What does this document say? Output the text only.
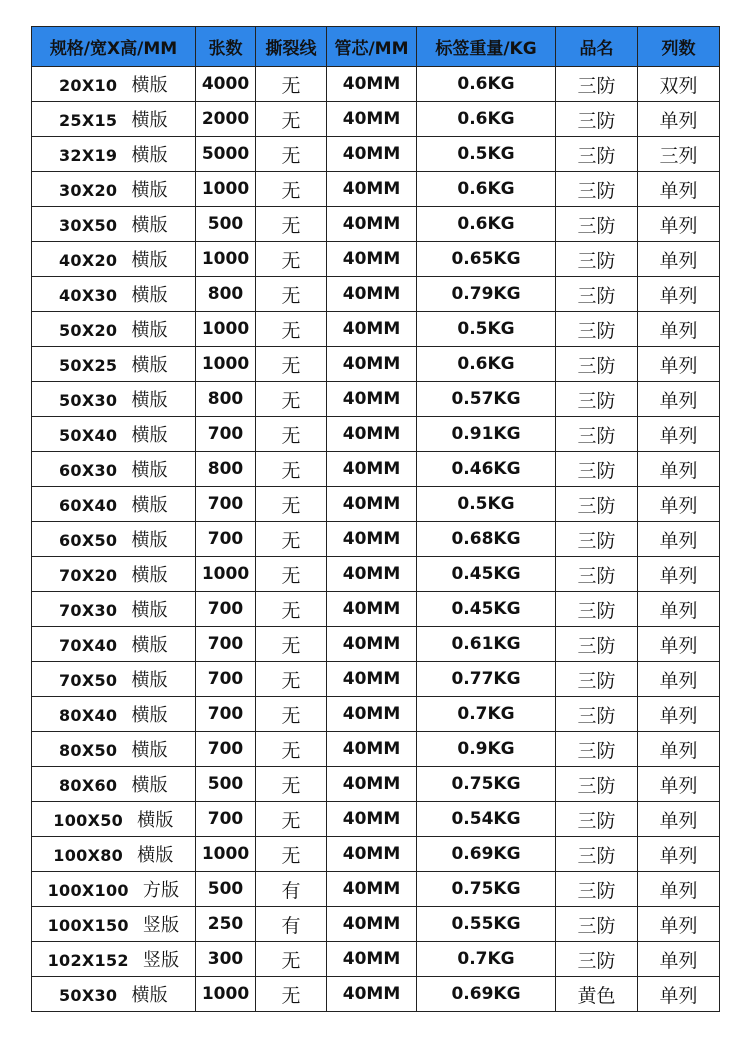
规格/宽X高/MM	张数	撕裂线	管芯/MM	标签重量/KG	品名	列数
20X10 横版	4000	无	40MM	0.6KG	三防	双列
25X15 横版	2000	无	40MM	0.6KG	三防	单列
32X19 横版	5000	无	40MM	0.5KG	三防	三列
30X20 横版	1000	无	40MM	0.6KG	三防	单列
30X50 横版	500	无	40MM	0.6KG	三防	单列
40X20 横版	1000	无	40MM	0.65KG	三防	单列
40X30 横版	800	无	40MM	0.79KG	三防	单列
50X20 横版	1000	无	40MM	0.5KG	三防	单列
50X25 横版	1000	无	40MM	0.6KG	三防	单列
50X30 横版	800	无	40MM	0.57KG	三防	单列
50X40 横版	700	无	40MM	0.91KG	三防	单列
60X30 横版	800	无	40MM	0.46KG	三防	单列
60X40 横版	700	无	40MM	0.5KG	三防	单列
60X50 横版	700	无	40MM	0.68KG	三防	单列
70X20 横版	1000	无	40MM	0.45KG	三防	单列
70X30 横版	700	无	40MM	0.45KG	三防	单列
70X40 横版	700	无	40MM	0.61KG	三防	单列
70X50 横版	700	无	40MM	0.77KG	三防	单列
80X40 横版	700	无	40MM	0.7KG	三防	单列
80X50 横版	700	无	40MM	0.9KG	三防	单列
80X60 横版	500	无	40MM	0.75KG	三防	单列
100X50 横版	700	无	40MM	0.54KG	三防	单列
100X80 横版	1000	无	40MM	0.69KG	三防	单列
100X100 方版	500	有	40MM	0.75KG	三防	单列
100X150 竖版	250	有	40MM	0.55KG	三防	单列
102X152 竖版	300	无	40MM	0.7KG	三防	单列
50X30 横版	1000	无	40MM	0.69KG	黄色	单列
